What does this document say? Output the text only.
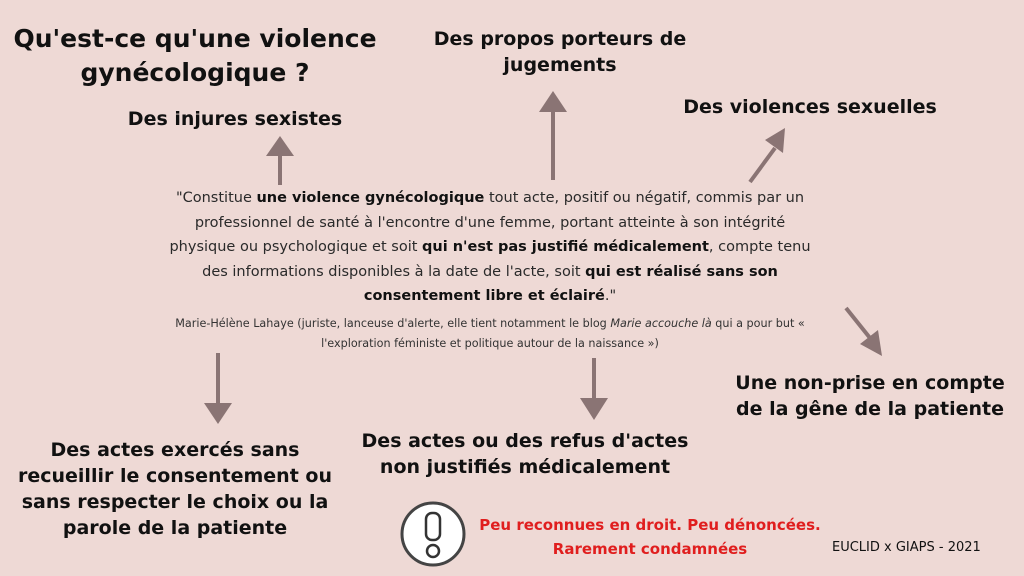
Qu'est-ce qu'une violence gynécologique ?
Des injures sexistes
Des propos porteurs de jugements
Des violences sexuelles
Une non-prise en compte de la gêne de la patiente
Des actes ou des refus d'actes non justifiés médicalement
Des actes exercés sans recueillir le consentement ou sans respecter le choix ou la parole de la patiente
"Constitue une violence gynécologique tout acte, positif ou négatif, commis par un professionnel de santé à l'encontre d'une femme, portant atteinte à son intégrité physique ou psychologique et soit qui n'est pas justifié médicalement, compte tenu des informations disponibles à la date de l'acte, soit qui est réalisé sans son consentement libre et éclairé."
Marie-Hélène Lahaye (juriste, lanceuse d'alerte, elle tient notamment le blog Marie accouche là qui a pour but « l'exploration féministe et politique autour de la naissance »)
Peu reconnues en droit. Peu dénoncées.
Rarement condamnées	EUCLID x GIAPS - 2021
